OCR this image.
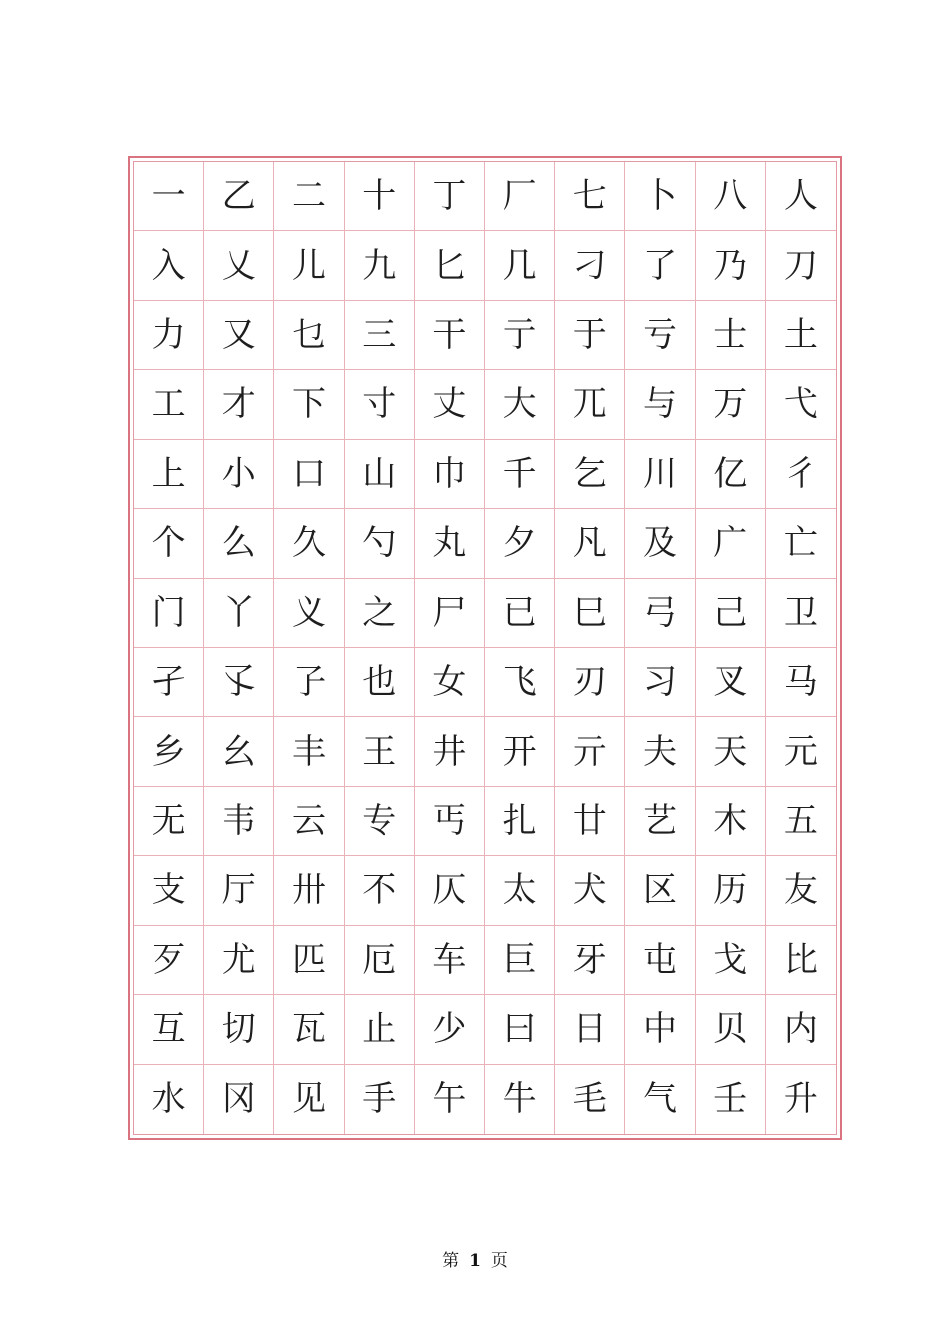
一	乙	二	十	丁	厂	七	卜	八	人
入	乂	儿	九	匕	几	刁	了	乃	刀
力	又	乜	三	干	亍	于	亏	士	土
工	才	下	寸	丈	大	兀	与	万	弋
上	小	口	山	巾	千	乞	川	亿	彳
个	么	久	勺	丸	夕	凡	及	广	亡
门	丫	义	之	尸	已	巳	弓	己	卫
孑	孓	孒	也	女	飞	刃	习	叉	马
乡	幺	丰	王	井	开	亓	夫	天	元
无	韦	云	专	丐	扎	廿	艺	木	五
支	厅	卅	不	仄	太	犬	区	历	友
歹	尤	匹	厄	车	巨	牙	屯	戈	比
互	切	瓦	止	少	曰	日	中	贝	内
水	冈	见	手	午	牛	毛	气	壬	升
第 1 页
